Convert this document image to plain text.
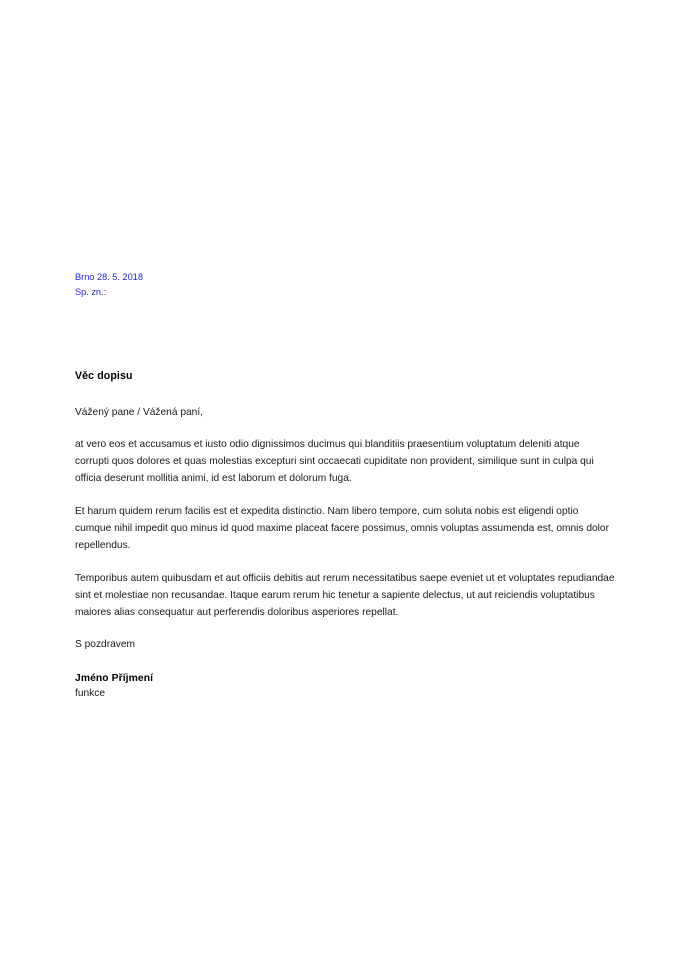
Brno 28. 5. 2018
Sp. zn.:
Věc dopisu
Vážený pane / Vážená paní,

at vero eos et accusamus et iusto odio dignissimos ducimus qui blanditiis praesentium voluptatum deleniti atque corrupti quos dolores et quas molestias excepturi sint occaecati cupiditate non provident, similique sunt in culpa qui officia deserunt mollitia animi, id est laborum et dolorum fuga.

Et harum quidem rerum facilis est et expedita distinctio. Nam libero tempore, cum soluta nobis est eligendi optio cumque nihil impedit quo minus id quod maxime placeat facere possimus, omnis voluptas assumenda est, omnis dolor repellendus.

Temporibus autem quibusdam et aut officiis debitis aut rerum necessitatibus saepe eveniet ut et voluptates repudiandae sint et molestiae non recusandae. Itaque earum rerum hic tenetur a sapiente delectus, ut aut reiciendis voluptatibus maiores alias consequatur aut perferendis doloribus asperiores repellat.

S pozdravem
Jméno Příjmení
funkce
